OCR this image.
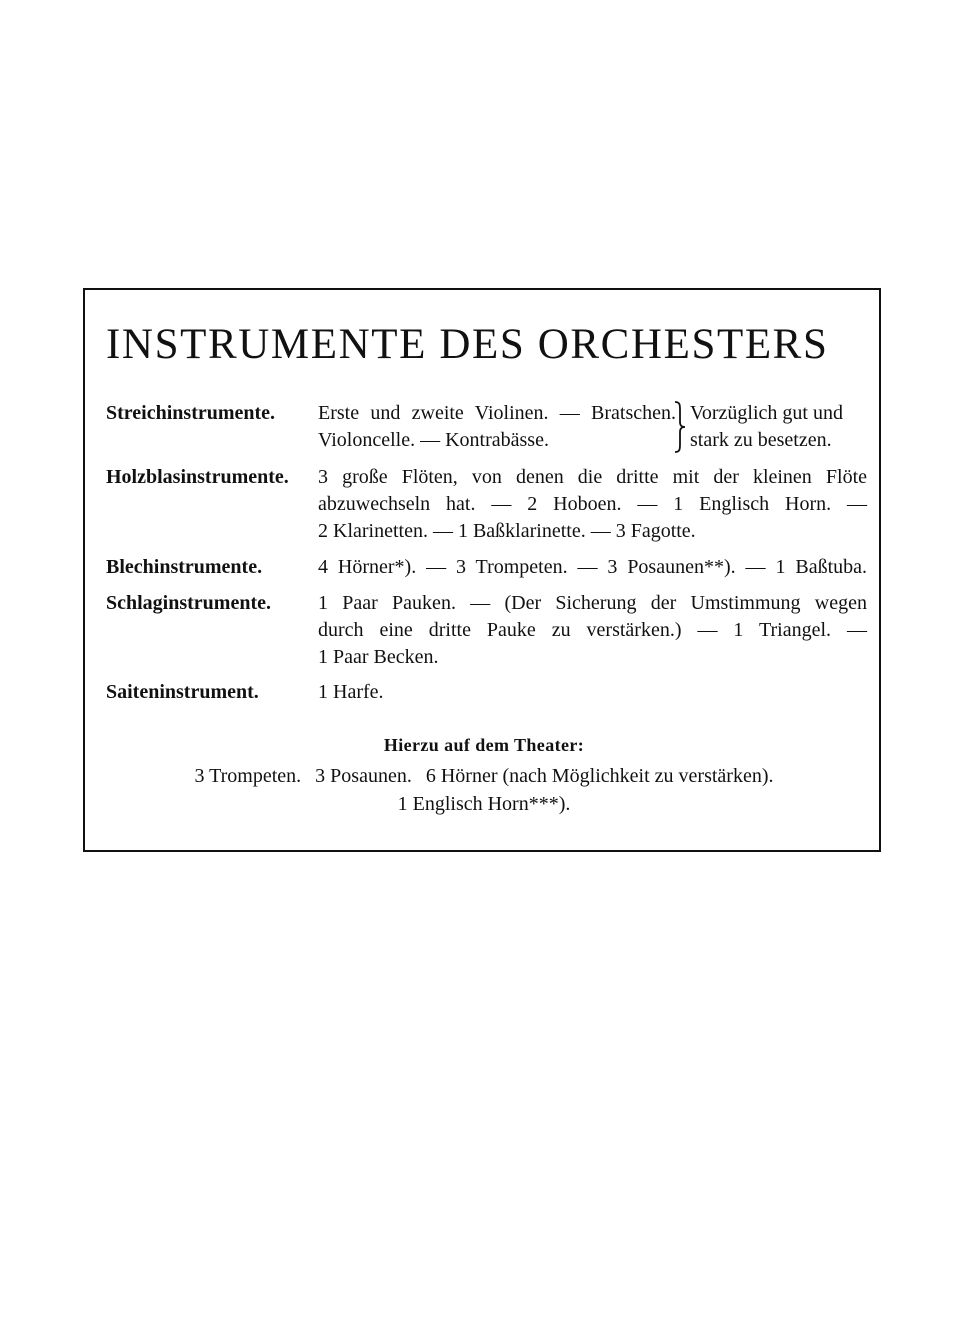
INSTRUMENTE DES ORCHESTERS
Streichinstrumente. Erste und zweite Violinen. — Bratschen.
Violoncelle. — Kontrabässe.
Vorzüglich gut und
stark zu besetzen.
Holzblasinstrumente. 3 große Flöten, von denen die dritte mit der kleinen Flöte
abzuwechseln hat. — 2 Hoboen. — 1 Englisch Horn. —
2 Klarinetten. — 1 Baßklarinette. — 3 Fagotte.
Blechinstrumente.	4 Hörner*). — 3 Trompeten. — 3 Posaunen**). — 1 Baßtuba.
Schlaginstrumente. 1 Paar Pauken. — (Der Sicherung der Umstimmung wegen
durch eine dritte Pauke zu verstärken.) — 1 Triangel. —
1 Paar Becken.
Saiteninstrument.	1 Harfe.
Hierzu auf dem Theater:
3 Trompeten. 3 Posaunen. 6 Hörner (nach Möglichkeit zu verstärken).
1 Englisch Horn***).
